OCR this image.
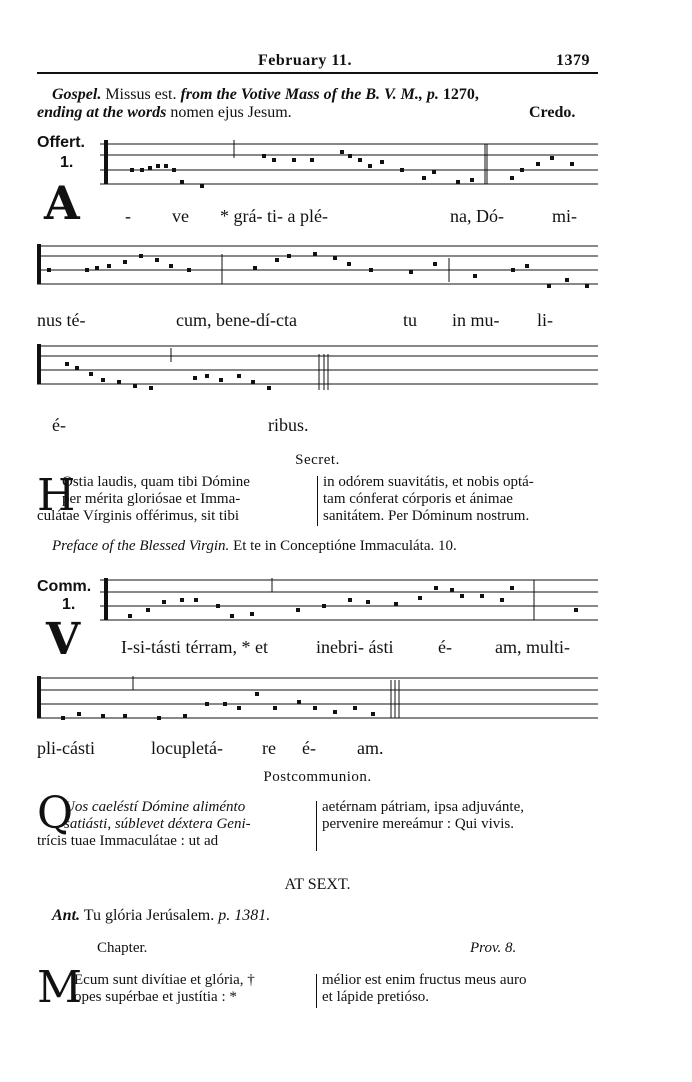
February 11.	1379
Gospel. Missus est. from the Votive Mass of the B. V. M., p. 1270,
ending at the words nomen ejus Jesum.	Credo.
Offert.
1.
A	- ve * grá- ti- a plé-	na, Dó-	mi-
nus té-	cum, bene-dí-cta	tu in mu- li-
é-	ribus.
Secret.
H
Ostia laudis, quam tibi Dómine
per mérita gloriósae et Imma-
culátae Vírginis offérimus, sit tibi
in odórem suavitátis, et nobis optá-
tam cónferat córporis et ánimae
sanitátem. Per Dóminum nostrum.
Preface of the Blessed Virgin. Et te in Conceptióne Immaculáta. 10.
Comm.
1.
V I-si-tásti térram, * et	inebri- ásti é- am, multi-
pli-cásti	locupletá- re é- am.
Postcommunion.
Q
Uos caeléstí Dómine aliménto
satiásti, súblevet déxtera Geni-
trícis tuae Immaculátae : ut ad
aetérnam pátriam, ipsa adjuvánte,
pervenire mereámur : Qui vivis.
AT SEXT.
Ant. Tu glória Jerúsalem. p. 1381.
Chapter.	Prov. 8.
M
Ecum sunt divítiae et glória, †
opes supérbae et justítia : *
mélior est enim fructus meus auro
et lápide pretióso.
